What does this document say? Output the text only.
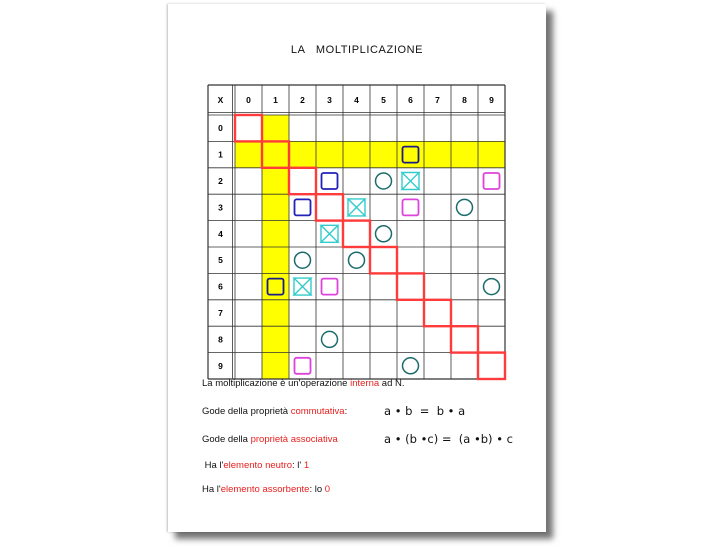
LA   MOLTIPLICAZIONE
X	0	1	2	3	4	5	6	7	8	9
0
1
2
3
4
5
6
7
8
9
La moltiplicazione è un'operazione interna ad N.
Gode della proprietà commutativa:	a • b  =  b • a
Gode della proprietà associativa	a • (b •c) =  (a •b) • c
Ha l'elemento neutro: l' 1
Ha l'elemento assorbente: lo 0
